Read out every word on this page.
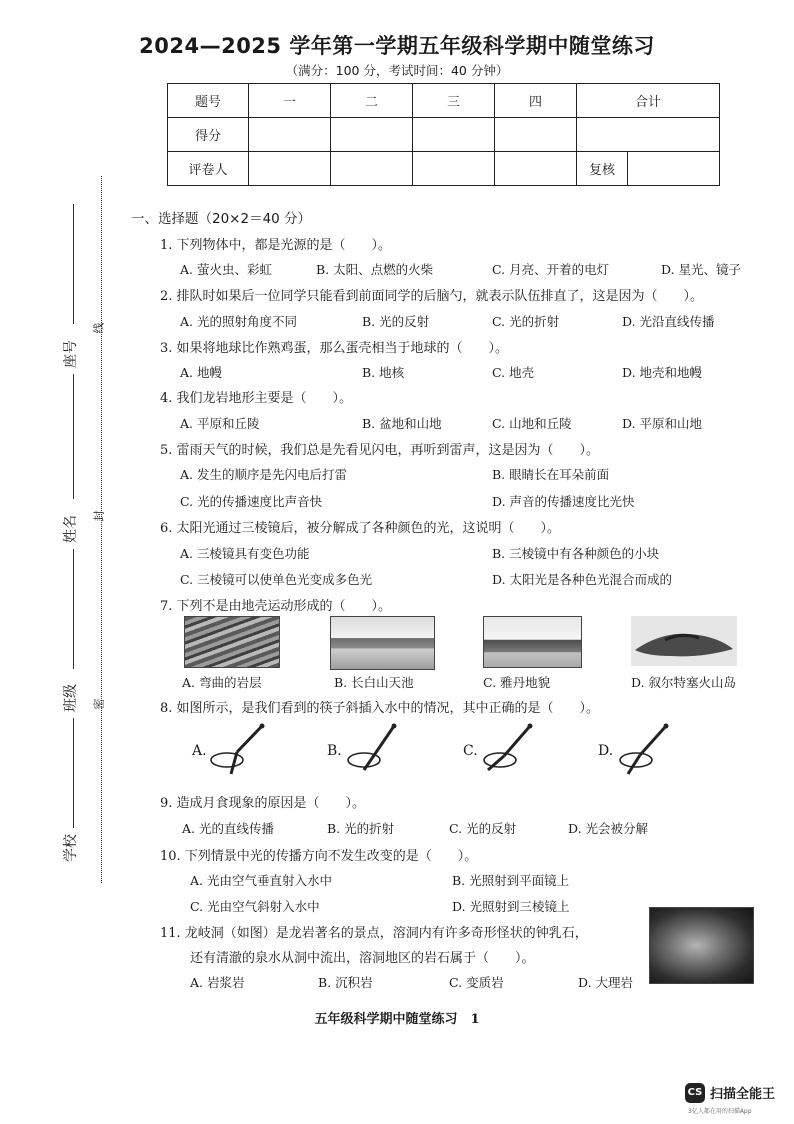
2024—2025 学年第一学期五年级科学期中随堂练习
（满分：100 分，考试时间：40 分钟）
题号	一	二	三	四	合计	
得分						
评卷人					复核	
座号
姓名
班级
学校
线
封
密
一、选择题（20×2＝40 分）
1. 下列物体中，都是光源的是（　　）。
A. 萤火虫、彩虹	B. 太阳、点燃的火柴	C. 月亮、开着的电灯	D. 星光、镜子
2. 排队时如果后一位同学只能看到前面同学的后脑勺，就表示队伍排直了，这是因为（　　）。
A. 光的照射角度不同	B. 光的反射	C. 光的折射	D. 光沿直线传播
3. 如果将地球比作熟鸡蛋，那么蛋壳相当于地球的（　　）。
A. 地幔	B. 地核	C. 地壳	D. 地壳和地幔
4. 我们龙岩地形主要是（　　）。
A. 平原和丘陵	B. 盆地和山地	C. 山地和丘陵	D. 平原和山地
5. 雷雨天气的时候，我们总是先看见闪电，再听到雷声，这是因为（　　）。
A. 发生的顺序是先闪电后打雷	B. 眼睛长在耳朵前面
C. 光的传播速度比声音快	D. 声音的传播速度比光快
6. 太阳光通过三棱镜后，被分解成了各种颜色的光，这说明（　　）。
A. 三棱镜具有变色功能	B. 三棱镜中有各种颜色的小块
C. 三棱镜可以使单色光变成多色光	D. 太阳光是各种色光混合而成的
7. 下列不是由地壳运动形成的（　　）。
A. 弯曲的岩层	B. 长白山天池	C. 雅丹地貌	D. 叙尔特塞火山岛
8. 如图所示，是我们看到的筷子斜插入水中的情况，其中正确的是（　　）。
A.	B.	C.	D.
9. 造成月食现象的原因是（　　）。
A. 光的直线传播	B. 光的折射	C. 光的反射	D. 光会被分解
10. 下列情景中光的传播方向不发生改变的是（　　）。
A. 光由空气垂直射入水中	B. 光照射到平面镜上
C. 光由空气斜射入水中	D. 光照射到三棱镜上
11. 龙岐洞（如图）是龙岩著名的景点，溶洞内有许多奇形怪状的钟乳石，
还有清澈的泉水从洞中流出，溶洞地区的岩石属于（　　）。
A. 岩浆岩	B. 沉积岩	C. 变质岩	D. 大理岩
五年级科学期中随堂练习　1
CS 扫描全能王
3亿人都在用的扫描App
